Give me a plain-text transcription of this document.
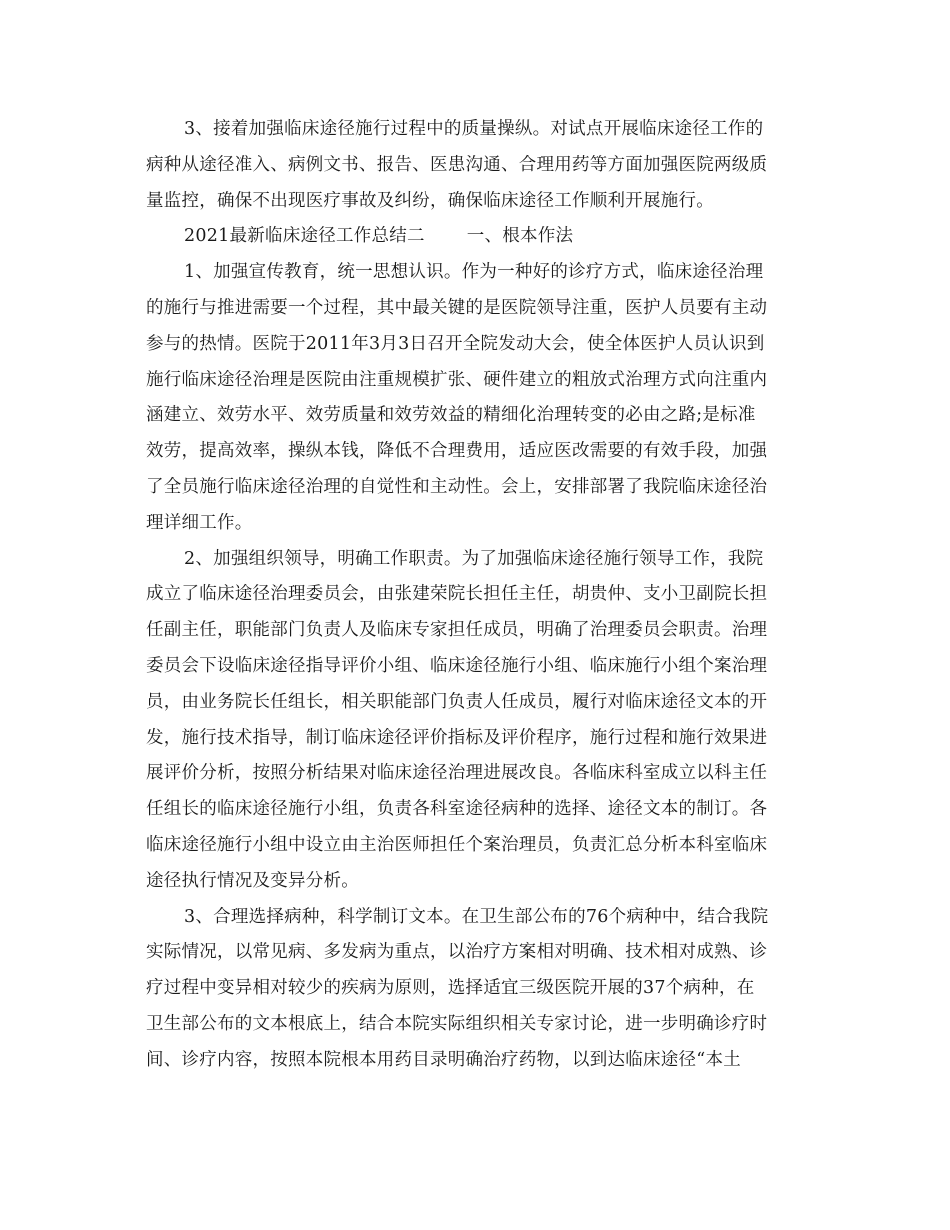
3、接着加强临床途径施行过程中的质量操纵。对试点开展临床途径工作的
病种从途径准入、病例文书、报告、医患沟通、合理用药等方面加强医院两级质
量监控，确保不出现医疗事故及纠纷，确保临床途径工作顺利开展施行。
2021最新临床途径工作总结二 一、根本作法
1、加强宣传教育，统一思想认识。作为一种好的诊疗方式，临床途径治理
的施行与推进需要一个过程，其中最关键的是医院领导注重，医护人员要有主动
参与的热情。医院于2011年3月3日召开全院发动大会，使全体医护人员认识到
施行临床途径治理是医院由注重规模扩张、硬件建立的粗放式治理方式向注重内
涵建立、效劳水平、效劳质量和效劳效益的精细化治理转变的必由之路;是标准
效劳，提高效率，操纵本钱，降低不合理费用，适应医改需要的有效手段，加强
了全员施行临床途径治理的自觉性和主动性。会上，安排部署了我院临床途径治
理详细工作。
2、加强组织领导，明确工作职责。为了加强临床途径施行领导工作，我院
成立了临床途径治理委员会，由张建荣院长担任主任，胡贵仲、支小卫副院长担
任副主任，职能部门负责人及临床专家担任成员，明确了治理委员会职责。治理
委员会下设临床途径指导评价小组、临床途径施行小组、临床施行小组个案治理
员，由业务院长任组长，相关职能部门负责人任成员，履行对临床途径文本的开
发，施行技术指导，制订临床途径评价指标及评价程序，施行过程和施行效果进
展评价分析，按照分析结果对临床途径治理进展改良。各临床科室成立以科主任
任组长的临床途径施行小组，负责各科室途径病种的选择、途径文本的制订。各
临床途径施行小组中设立由主治医师担任个案治理员，负责汇总分析本科室临床
途径执行情况及变异分析。
3、合理选择病种，科学制订文本。在卫生部公布的76个病种中，结合我院
实际情况，以常见病、多发病为重点，以治疗方案相对明确、技术相对成熟、诊
疗过程中变异相对较少的疾病为原则，选择适宜三级医院开展的37个病种，在
卫生部公布的文本根底上，结合本院实际组织相关专家讨论，进一步明确诊疗时
间、诊疗内容，按照本院根本用药目录明确治疗药物，以到达临床途径“本土
